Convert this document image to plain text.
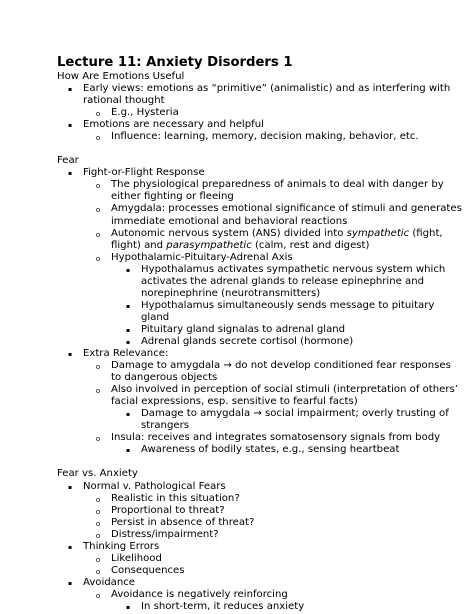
Lecture 11: Anxiety Disorders 1
How Are Emotions Useful
▪ Early views: emotions as “primitive” (animalistic) and as interfering with rational thought
o E.g., Hysteria
▪ Emotions are necessary and helpful
o Influence: learning, memory, decision making, behavior, etc.
Fear
▪ Fight-or-Flight Response
o The physiological preparedness of animals to deal with danger by either fighting or fleeing
o Amygdala: processes emotional significance of stimuli and generates immediate emotional and behavioral reactions
o Autonomic nervous system (ANS) divided into sympathetic (fight, flight) and parasympathetic (calm, rest and digest)
o Hypothalamic-Pituitary-Adrenal Axis
▪ Hypothalamus activates sympathetic nervous system which activates the adrenal glands to release epinephrine and norepinephrine (neurotransmitters)
▪ Hypothalamus simultaneously sends message to pituitary gland
▪ Pituitary gland signalas to adrenal gland
▪ Adrenal glands secrete cortisol (hormone)
▪ Extra Relevance:
o Damage to amygdala → do not develop conditioned fear responses to dangerous objects
o Also involved in perception of social stimuli (interpretation of others’ facial expressions, esp. sensitive to fearful facts)
▪ Damage to amygdala → social impairment; overly trusting of strangers
o Insula: receives and integrates somatosensory signals from body
▪ Awareness of bodily states, e.g., sensing heartbeat
Fear vs. Anxiety
▪ Normal v. Pathological Fears
o Realistic in this situation?
o Proportional to threat?
o Persist in absence of threat?
o Distress/impairment?
▪ Thinking Errors
o Likelihood
o Consequences
▪ Avoidance
o Avoidance is negatively reinforcing
▪ In short-term, it reduces anxiety
